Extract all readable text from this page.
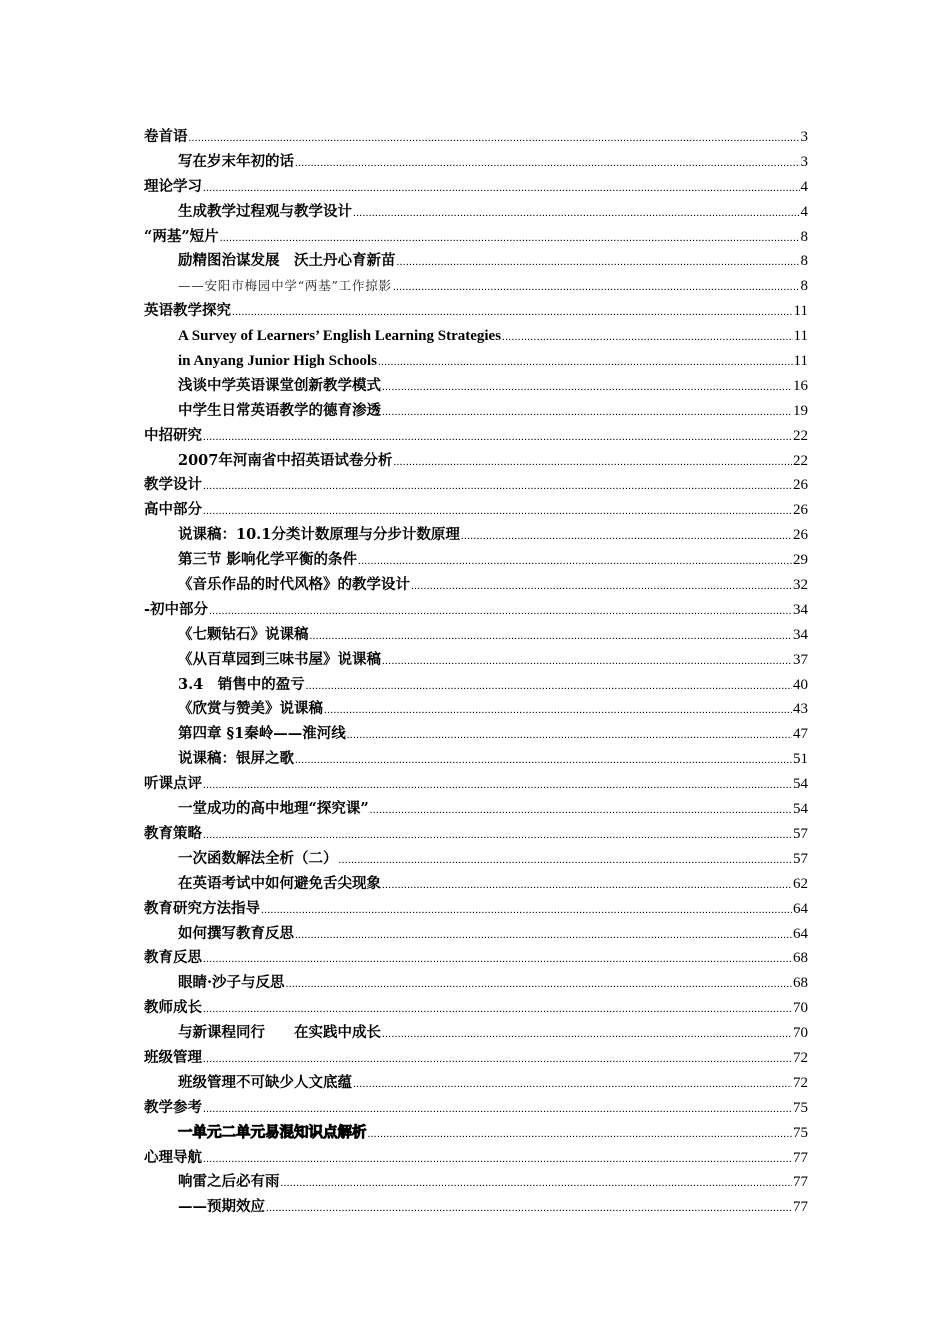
卷首语 .....	3
写在岁末年初的话 .....	3
理论学习 .....	4
生成教学过程观与教学设计 .....	4
“两基”短片 .....	8
励精图治谋发展　沃土丹心育新苗 .....	8
——安阳市梅园中学“两基”工作掠影 .....	8
英语教学探究 .....	11
A Survey of Learners’ English Learning Strategies .....	11
in Anyang Junior High Schools .....	11
浅谈中学英语课堂创新教学模式 .....	16
中学生日常英语教学的德育渗透 .....	19
中招研究 .....	22
2007年河南省中招英语试卷分析 .....	22
教学设计 .....	26
高中部分 .....	26
说课稿：10.1分类计数原理与分步计数原理 .....	26
第三节 影响化学平衡的条件 .....	29
《音乐作品的时代风格》的教学设计 .....	32
-初中部分 .....	34
《七颗钻石》说课稿 .....	34
《从百草园到三味书屋》说课稿 .....	37
3.4　销售中的盈亏 .....	40
《欣赏与赞美》说课稿 .....	43
第四章 §1秦岭——淮河线 .....	47
说课稿：银屏之歌 .....	51
听课点评 .....	54
一堂成功的高中地理“探究课” .....	54
教育策略 .....	57
一次函数解法全析（二） .....	57
在英语考试中如何避免舌尖现象 .....	62
教育研究方法指导 .....	64
如何撰写教育反思 .....	64
教育反思 .....	68
眼睛·沙子与反思 .....	68
教师成长 .....	70
与新课程同行　　在实践中成长 .....	70
班级管理 .....	72
班级管理不可缺少人文底蕴 .....	72
教学参考 .....	75
一单元二单元易混知识点解析 .....	75
心理导航 .....	77
响雷之后必有雨 .....	77
——预期效应 .....	77
